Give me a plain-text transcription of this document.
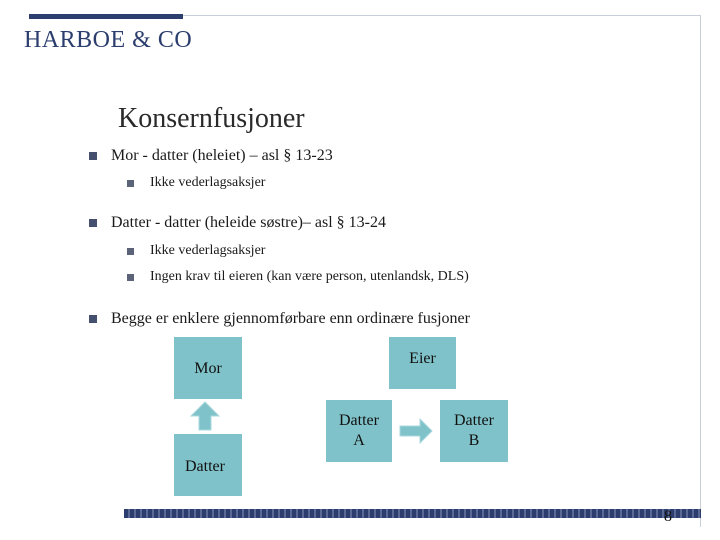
HARBOE & CO
Konsernfusjoner
Mor - datter (heleiet) – asl § 13-23
Ikke vederlagsaksjer
Datter - datter (heleide søstre)– asl § 13-24
Ikke vederlagsaksjer
Ingen krav til eieren (kan være person, utenlandsk, DLS)
Begge er enklere gjennomførbare enn ordinære fusjoner
Mor
Datter
Eier
Datter
A
Datter
B
8
